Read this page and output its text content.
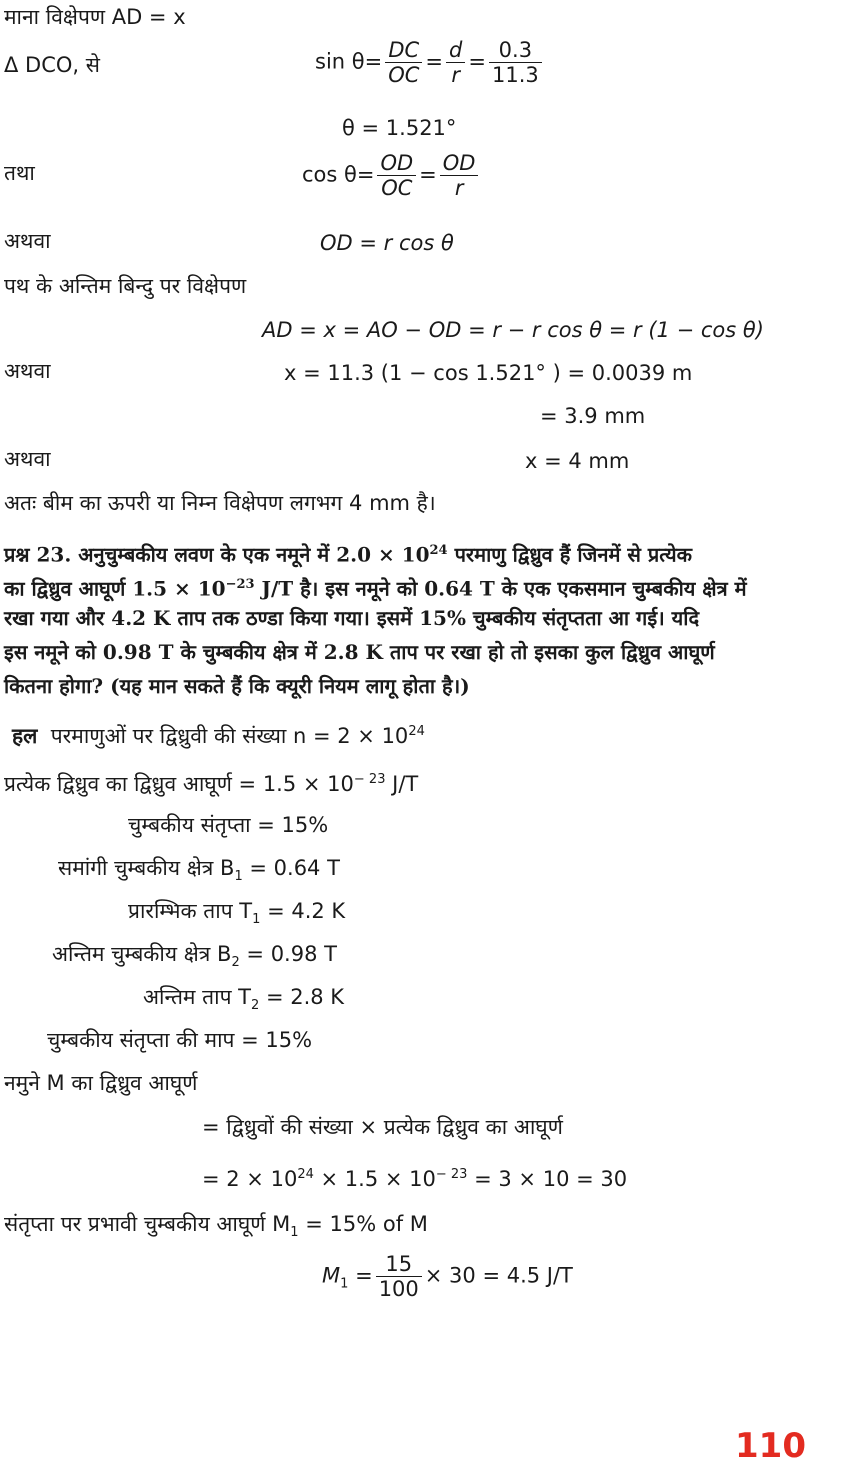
माना विक्षेपण AD = x
Δ DCO, से	$\sin \theta= \frac{DC}{OC} = \frac{d}{r} = \frac{0.3}{11.3}$
θ = 1.521°
तथा	$\cos \theta= \frac{OD}{OC} = \frac{OD}{r}$
अथवा	OD = r cos θ
पथ के अन्तिम बिन्दु पर विक्षेपण
AD = x = AO − OD = r − r cos θ = r (1 − cos θ)
अथवा	x = 11.3 (1 − cos 1.521° ) = 0.0039 m
= 3.9 mm
अथवा	x = 4 mm
अतः बीम का ऊपरी या निम्न विक्षेपण लगभग 4 mm है।
प्रश्न 23. अनुचुम्बकीय लवण के एक नमूने में $2.0 \times 10^{24}$ परमाणु द्विध्रुव हैं जिनमें से प्रत्येक
का द्विध्रुव आघूर्ण $1.5 \times 10^{-23}$ J/T है। इस नमूने को 0.64 T के एक एकसमान चुम्बकीय क्षेत्र में
रखा गया और 4.2 K ताप तक ठण्डा किया गया। इसमें 15% चुम्बकीय संतृप्तता आ गई। यदि
इस नमूने को 0.98 T के चुम्बकीय क्षेत्र में 2.8 K ताप पर रखा हो तो इसका कुल द्विध्रुव आघूर्ण
कितना होगा? (यह मान सकते हैं कि क्यूरी नियम लागू होता है।)
हल परमाणुओं पर द्विध्रुवी की संख्या $n = 2 \times 10^{24}$
प्रत्येक द्विध्रुव का द्विध्रुव आघूर्ण = $1.5 \times 10^{- 23}$ J/T
चुम्बकीय संतृप्ता = 15%
समांगी चुम्बकीय क्षेत्र $B_1 = 0.64$ T
प्रारम्भिक ताप $T_1 = 4.2$ K
अन्तिम चुम्बकीय क्षेत्र $B_2 = 0.98$ T
अन्तिम ताप $T_2 = 2.8$ K
चुम्बकीय संतृप्ता की माप = 15%
नमुने M का द्विध्रुव आघूर्ण
= द्विध्रुवों की संख्या × प्रत्येक द्विध्रुव का आघूर्ण
= $2 \times 10^{24} \times 1.5 \times 10^{- 23} = 3 \times 10 = 30$
संतृप्ता पर प्रभावी चुम्बकीय आघूर्ण $M_1 = 15\%$ of M
$M_1 = \frac{15}{100} \times 30 = 4.5$ J/T
110
